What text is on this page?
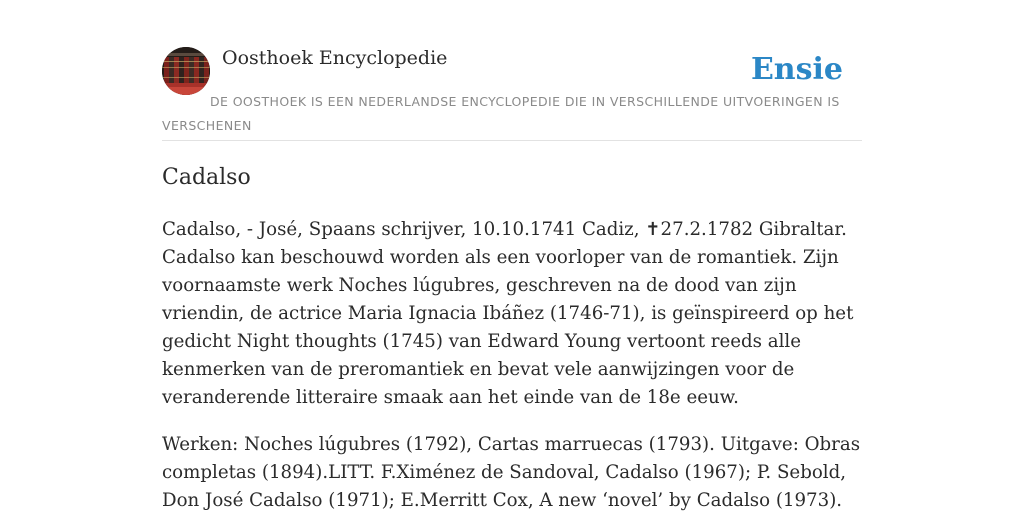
Oosthoek Encyclopedie	Ensie

DE OOSTHOEK IS EEN NEDERLANDSE ENCYCLOPEDIE DIE IN VERSCHILLENDE UITVOERINGEN IS VERSCHENEN

Cadalso

Cadalso, - José, Spaans schrijver, 10.10.1741 Cadiz, ✝27.2.1782 Gibraltar. Cadalso kan beschouwd worden als een voorloper van de romantiek. Zijn voornaamste werk Noches lúgubres, geschreven na de dood van zijn vriendin, de actrice Maria Ignacia Ibáñez (1746-71), is geïnspireerd op het gedicht Night thoughts (1745) van Edward Young vertoont reeds alle kenmerken van de preromantiek en bevat vele aanwijzingen voor de veranderende litteraire smaak aan het einde van de 18e eeuw.

Werken: Noches lúgubres (1792), Cartas marruecas (1793). Uitgave: Obras completas (1894).LITT. F.Ximénez de Sandoval, Cadalso (1967); P. Sebold, Don José Cadalso (1971); E.Merritt Cox, A new ‘novel’ by Cadalso (1973).
